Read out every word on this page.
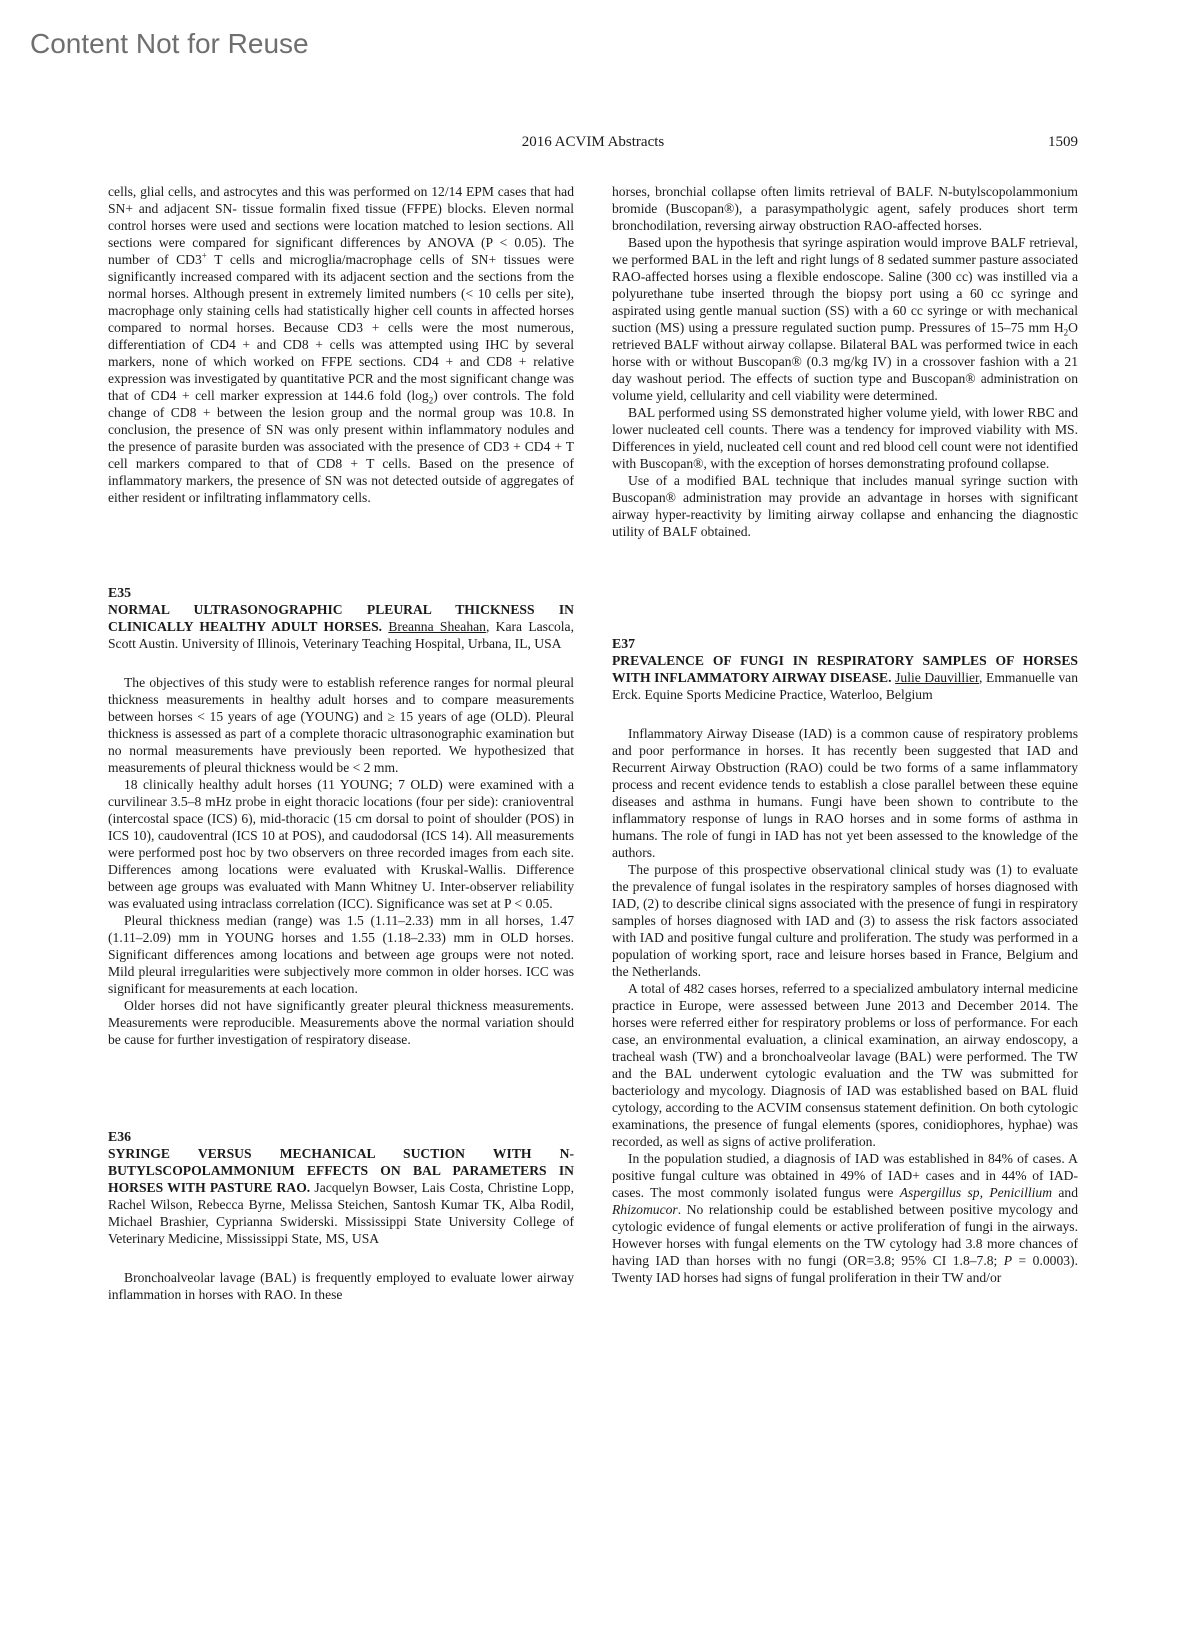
Content Not for Reuse
2016 ACVIM Abstracts	1509

cells, glial cells, and astrocytes and this was performed on 12/14 EPM cases that had SN+ and adjacent SN- tissue formalin fixed tissue (FFPE) blocks. Eleven normal control horses were used and sections were location matched to lesion sections. All sections were compared for significant differences by ANOVA (P < 0.05). The number of CD3+ T cells and microglia/macrophage cells of SN+ tissues were significantly increased compared with its adjacent section and the sections from the normal horses. Although present in extremely limited numbers (< 10 cells per site), macrophage only staining cells had statistically higher cell counts in affected horses compared to normal horses. Because CD3 + cells were the most numerous, differentiation of CD4 + and CD8 + cells was attempted using IHC by several markers, none of which worked on FFPE sections. CD4 + and CD8 + relative expression was investigated by quantitative PCR and the most significant change was that of CD4 + cell marker expression at 144.6 fold $(\log_2)$ over controls. The fold change of CD8 + between the lesion group and the normal group was 10.8. In conclusion, the presence of SN was only present within inflammatory nodules and the presence of parasite burden was associated with the presence of CD3 + CD4 + T cell markers compared to that of CD8 + T cells. Based on the presence of inflammatory markers, the presence of SN was not detected outside of aggregates of either resident or infiltrating inflammatory cells.

E35
NORMAL ULTRASONOGRAPHIC PLEURAL THICKNESS IN CLINICALLY HEALTHY ADULT HORSES. Breanna Sheahan, Kara Lascola, Scott Austin. University of Illinois, Veterinary Teaching Hospital, Urbana, IL, USA

The objectives of this study were to establish reference ranges for normal pleural thickness measurements in healthy adult horses and to compare measurements between horses < 15 years of age (YOUNG) and ≥ 15 years of age (OLD). Pleural thickness is assessed as part of a complete thoracic ultrasonographic examination but no normal measurements have previously been reported. We hypothesized that measurements of pleural thickness would be < 2 mm.

18 clinically healthy adult horses (11 YOUNG; 7 OLD) were examined with a curvilinear 3.5–8 mHz probe in eight thoracic locations (four per side): cranioventral (intercostal space (ICS) 6), mid-thoracic (15 cm dorsal to point of shoulder (POS) in ICS 10), caudoventral (ICS 10 at POS), and caudodorsal (ICS 14). All measurements were performed post hoc by two observers on three recorded images from each site. Differences among locations were evaluated with Kruskal-Wallis. Difference between age groups was evaluated with Mann Whitney U. Inter-observer reliability was evaluated using intraclass correlation (ICC). Significance was set at P < 0.05.

Pleural thickness median (range) was 1.5 (1.11–2.33) mm in all horses, 1.47 (1.11–2.09) mm in YOUNG horses and 1.55 (1.18–2.33) mm in OLD horses. Significant differences among locations and between age groups were not noted. Mild pleural irregularities were subjectively more common in older horses. ICC was significant for measurements at each location.

Older horses did not have significantly greater pleural thickness measurements. Measurements were reproducible. Measurements above the normal variation should be cause for further investigation of respiratory disease.

E36
SYRINGE VERSUS MECHANICAL SUCTION WITH N-BUTYLSCOPOLAMMONIUM EFFECTS ON BAL PARAMETERS IN HORSES WITH PASTURE RAO. Jacquelyn Bowser, Lais Costa, Christine Lopp, Rachel Wilson, Rebecca Byrne, Melissa Steichen, Santosh Kumar TK, Alba Rodil, Michael Brashier, Cyprianna Swiderski. Mississippi State University College of Veterinary Medicine, Mississippi State, MS, USA

Bronchoalveolar lavage (BAL) is frequently employed to evaluate lower airway inflammation in horses with RAO. In these

horses, bronchial collapse often limits retrieval of BALF. N-butylscopolammonium bromide (Buscopan®), a parasympatholygic agent, safely produces short term bronchodilation, reversing airway obstruction RAO-affected horses.

Based upon the hypothesis that syringe aspiration would improve BALF retrieval, we performed BAL in the left and right lungs of 8 sedated summer pasture associated RAO-affected horses using a flexible endoscope. Saline (300 cc) was instilled via a polyurethane tube inserted through the biopsy port using a 60 cc syringe and aspirated using gentle manual suction (SS) with a 60 cc syringe or with mechanical suction (MS) using a pressure regulated suction pump. Pressures of 15–75 mm $H_2O$ retrieved BALF without airway collapse. Bilateral BAL was performed twice in each horse with or without Buscopan® (0.3 mg/kg IV) in a crossover fashion with a 21 day washout period. The effects of suction type and Buscopan® administration on volume yield, cellularity and cell viability were determined.

BAL performed using SS demonstrated higher volume yield, with lower RBC and lower nucleated cell counts. There was a tendency for improved viability with MS. Differences in yield, nucleated cell count and red blood cell count were not identified with Buscopan®, with the exception of horses demonstrating profound collapse.

Use of a modified BAL technique that includes manual syringe suction with Buscopan® administration may provide an advantage in horses with significant airway hyper-reactivity by limiting airway collapse and enhancing the diagnostic utility of BALF obtained.

E37
PREVALENCE OF FUNGI IN RESPIRATORY SAMPLES OF HORSES WITH INFLAMMATORY AIRWAY DISEASE. Julie Dauvillier, Emmanuelle van Erck. Equine Sports Medicine Practice, Waterloo, Belgium

Inflammatory Airway Disease (IAD) is a common cause of respiratory problems and poor performance in horses. It has recently been suggested that IAD and Recurrent Airway Obstruction (RAO) could be two forms of a same inflammatory process and recent evidence tends to establish a close parallel between these equine diseases and asthma in humans. Fungi have been shown to contribute to the inflammatory response of lungs in RAO horses and in some forms of asthma in humans. The role of fungi in IAD has not yet been assessed to the knowledge of the authors.

The purpose of this prospective observational clinical study was (1) to evaluate the prevalence of fungal isolates in the respiratory samples of horses diagnosed with IAD, (2) to describe clinical signs associated with the presence of fungi in respiratory samples of horses diagnosed with IAD and (3) to assess the risk factors associated with IAD and positive fungal culture and proliferation. The study was performed in a population of working sport, race and leisure horses based in France, Belgium and the Netherlands.

A total of 482 cases horses, referred to a specialized ambulatory internal medicine practice in Europe, were assessed between June 2013 and December 2014. The horses were referred either for respiratory problems or loss of performance. For each case, an environmental evaluation, a clinical examination, an airway endoscopy, a tracheal wash (TW) and a bronchoalveolar lavage (BAL) were performed. The TW and the BAL underwent cytologic evaluation and the TW was submitted for bacteriology and mycology. Diagnosis of IAD was established based on BAL fluid cytology, according to the ACVIM consensus statement definition. On both cytologic examinations, the presence of fungal elements (spores, conidiophores, hyphae) was recorded, as well as signs of active proliferation.

In the population studied, a diagnosis of IAD was established in 84% of cases. A positive fungal culture was obtained in 49% of IAD+ cases and in 44% of IAD- cases. The most commonly isolated fungus were Aspergillus sp, Penicillium and Rhizomucor. No relationship could be established between positive mycology and cytologic evidence of fungal elements or active proliferation of fungi in the airways. However horses with fungal elements on the TW cytology had 3.8 more chances of having IAD than horses with no fungi (OR=3.8; 95% CI 1.8–7.8; P = 0.0003). Twenty IAD horses had signs of fungal proliferation in their TW and/or
